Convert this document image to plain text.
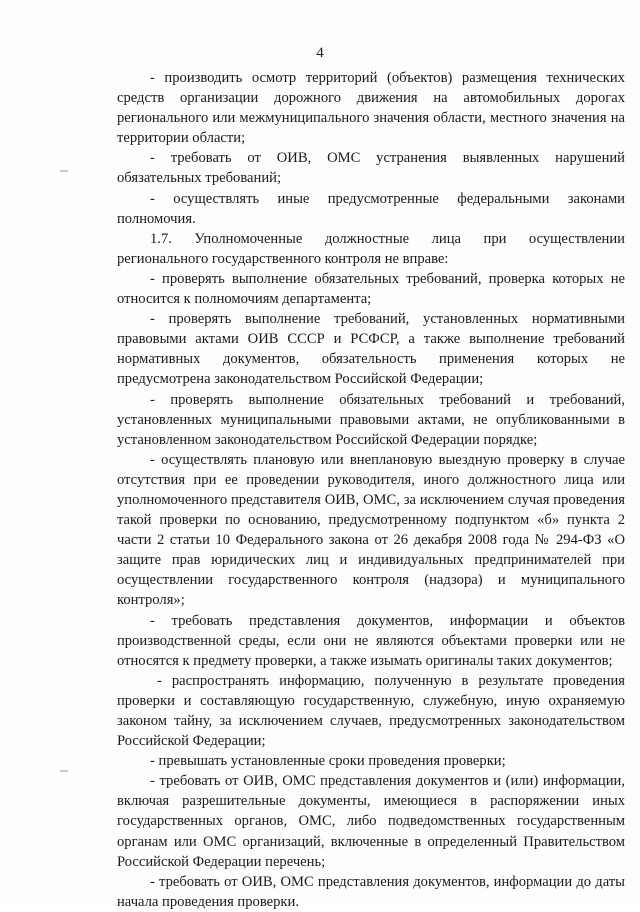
4

- производить осмотр территорий (объектов) размещения технических средств организации дорожного движения на автомобильных дорогах регионального или межмуниципального значения области, местного значения на территории области;

- требовать от ОИВ, ОМС устранения выявленных нарушений обязательных требований;

- осуществлять иные предусмотренные федеральными законами полномочия.

1.7. Уполномоченные должностные лица при осуществлении регионального государственного контроля не вправе:

- проверять выполнение обязательных требований, проверка которых не относится к полномочиям департамента;

- проверять выполнение требований, установленных нормативными правовыми актами ОИВ СССР и РСФСР, а также выполнение требований нормативных документов, обязательность применения которых не предусмотрена законодательством Российской Федерации;

- проверять выполнение обязательных требований и требований, установленных муниципальными правовыми актами, не опубликованными в установленном законодательством Российской Федерации порядке;

- осуществлять плановую или внеплановую выездную проверку в случае отсутствия при ее проведении руководителя, иного должностного лица или уполномоченного представителя ОИВ, ОМС, за исключением случая проведения такой проверки по основанию, предусмотренному подпунктом «б» пункта 2 части 2 статьи 10 Федерального закона от 26 декабря 2008 года № 294-ФЗ «О защите прав юридических лиц и индивидуальных предпринимателей при осуществлении государственного контроля (надзора) и муниципального контроля»;

- требовать представления документов, информации и объектов производственной среды, если они не являются объектами проверки или не относятся к предмету проверки, а также изымать оригиналы таких документов;

- распространять информацию, полученную в результате проведения проверки и составляющую государственную, служебную, иную охраняемую законом тайну, за исключением случаев, предусмотренных законодательством Российской Федерации;

- превышать установленные сроки проведения проверки;

- требовать от ОИВ, ОМС представления документов и (или) информации, включая разрешительные документы, имеющиеся в распоряжении иных государственных органов, ОМС, либо подведомственных государственным органам или ОМС организаций, включенные в определенный Правительством Российской Федерации перечень;

- требовать от ОИВ, ОМС представления документов, информации до даты начала проведения проверки.
